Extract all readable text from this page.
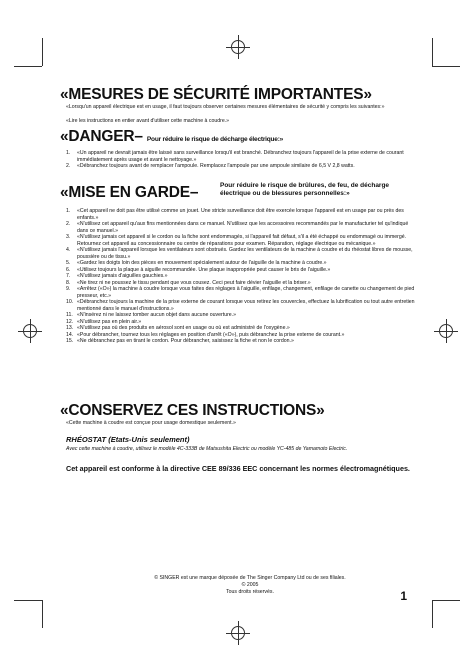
«MESURES DE SÉCURITÉ IMPORTANTES»
«Lorsqu'un appareil électrique est en usage, il faut toujours observer certaines mesures élémentaires de sécurité y compris les suivantes:»
«Lire les instructions en entier avant d'utiliser cette machine à coudre.»
«DANGER– Pour réduire le risque de décharge électrique:»
1. «Un appareil ne devrait jamais être laissé sans surveillance lorsqu'il est branché. Débranchez toujours l'appareil de la prise externe de courant immédiatement après usage et avant le nettoyage.»
2. «Débranchez toujours avant de remplacer l'ampoule. Remplacez l'ampoule par une ampoule similaire de 6,5 V 2,8 watts.
«MISE EN GARDE–	Pour réduire le risque de brûlures, de feu, de décharge électrique ou de blessures personnelles:»
1. «Cet appareil ne doit pas être utilisé comme un jouet. Une stricte surveillance doit être exercée lorsque l'appareil est en usage par ou près des enfants.»
2. «N'utilisez cet appareil qu'aux fins mentionnées dans ce manuel. N'utilisez que les accessoires recommandés par le manufacturier tel qu'indiqué dans ce manuel.»
3. «N'utilisez jamais cet appareil si le cordon ou la fiche sont endommagés, si l'appareil fait défaut, s'il a été échappé ou endommagé ou immergé. Retournez cet appareil au concessionnaire ou centre de réparations pour examen. Réparation, réglage électrique ou mécanique.»
4. «N'utilisez jamais l'appareil lorsque les ventilateurs sont obstrués. Gardez les ventilateurs de la machine à coudre et du rhéostat libres de mousse, poussière ou de tissu.»
5. «Gardez les doigts loin des pièces en mouvement spécialement autour de l'aiguille de la machine à coudre.»
6. «Utilisez toujours la plaque à aiguille recommandée. Une plaque inappropriée peut causer le bris de l'aiguille.»
7. «N'utilisez jamais d'aiguilles gauchies.»
8. «Ne tirez ni ne poussez le tissu pendant que vous cousez. Ceci peut faire dévier l'aiguille et la briser.»
9. «Arrêtez («O») la machine à coudre lorsque vous faites des réglages à l'aiguille, enfilage, changement, enfilage de canette ou changement de pied presseur, etc.»
10. «Débranchez toujours la machine de la prise externe de courant lorsque vous retirez les couvercles, effectuez la lubrification ou tout autre entretien mentionné dans le manuel d'instructions.»
11. «N'insérez ni ne laissez tomber aucun objet dans aucune ouverture.»
12. «N'utilisez pas en plein air.»
13. «N'utilisez pas où des produits en aérosol sont en usage ou où est administré de l'oxygène.»
14. «Pour débrancher, tournez tous les réglages en position d'arrêt («O»), puis débranchez la prise externe de courant.»
15. «Ne débranchez pas en tirant le cordon. Pour débrancher, saisissez la fiche et non le cordon.»
«CONSERVEZ CES INSTRUCTIONS»
«Cette machine à coudre est conçue pour usage domestique seulement.»
RHÉOSTAT (Etats-Unis seulement)
Avec cette machine à coudre, utilisez le modèle 4C-333B de Matsushita Electric ou modèle YC-485 de Yamamoto Electric.
Cet appareil est conforme à la directive CEE 89/336 EEC concernant les normes électromagnétiques.
© SINGER est une marque déposée de The Singer Company Ltd ou de ses filiales.
© 2005
Tous droits réservés.	1
